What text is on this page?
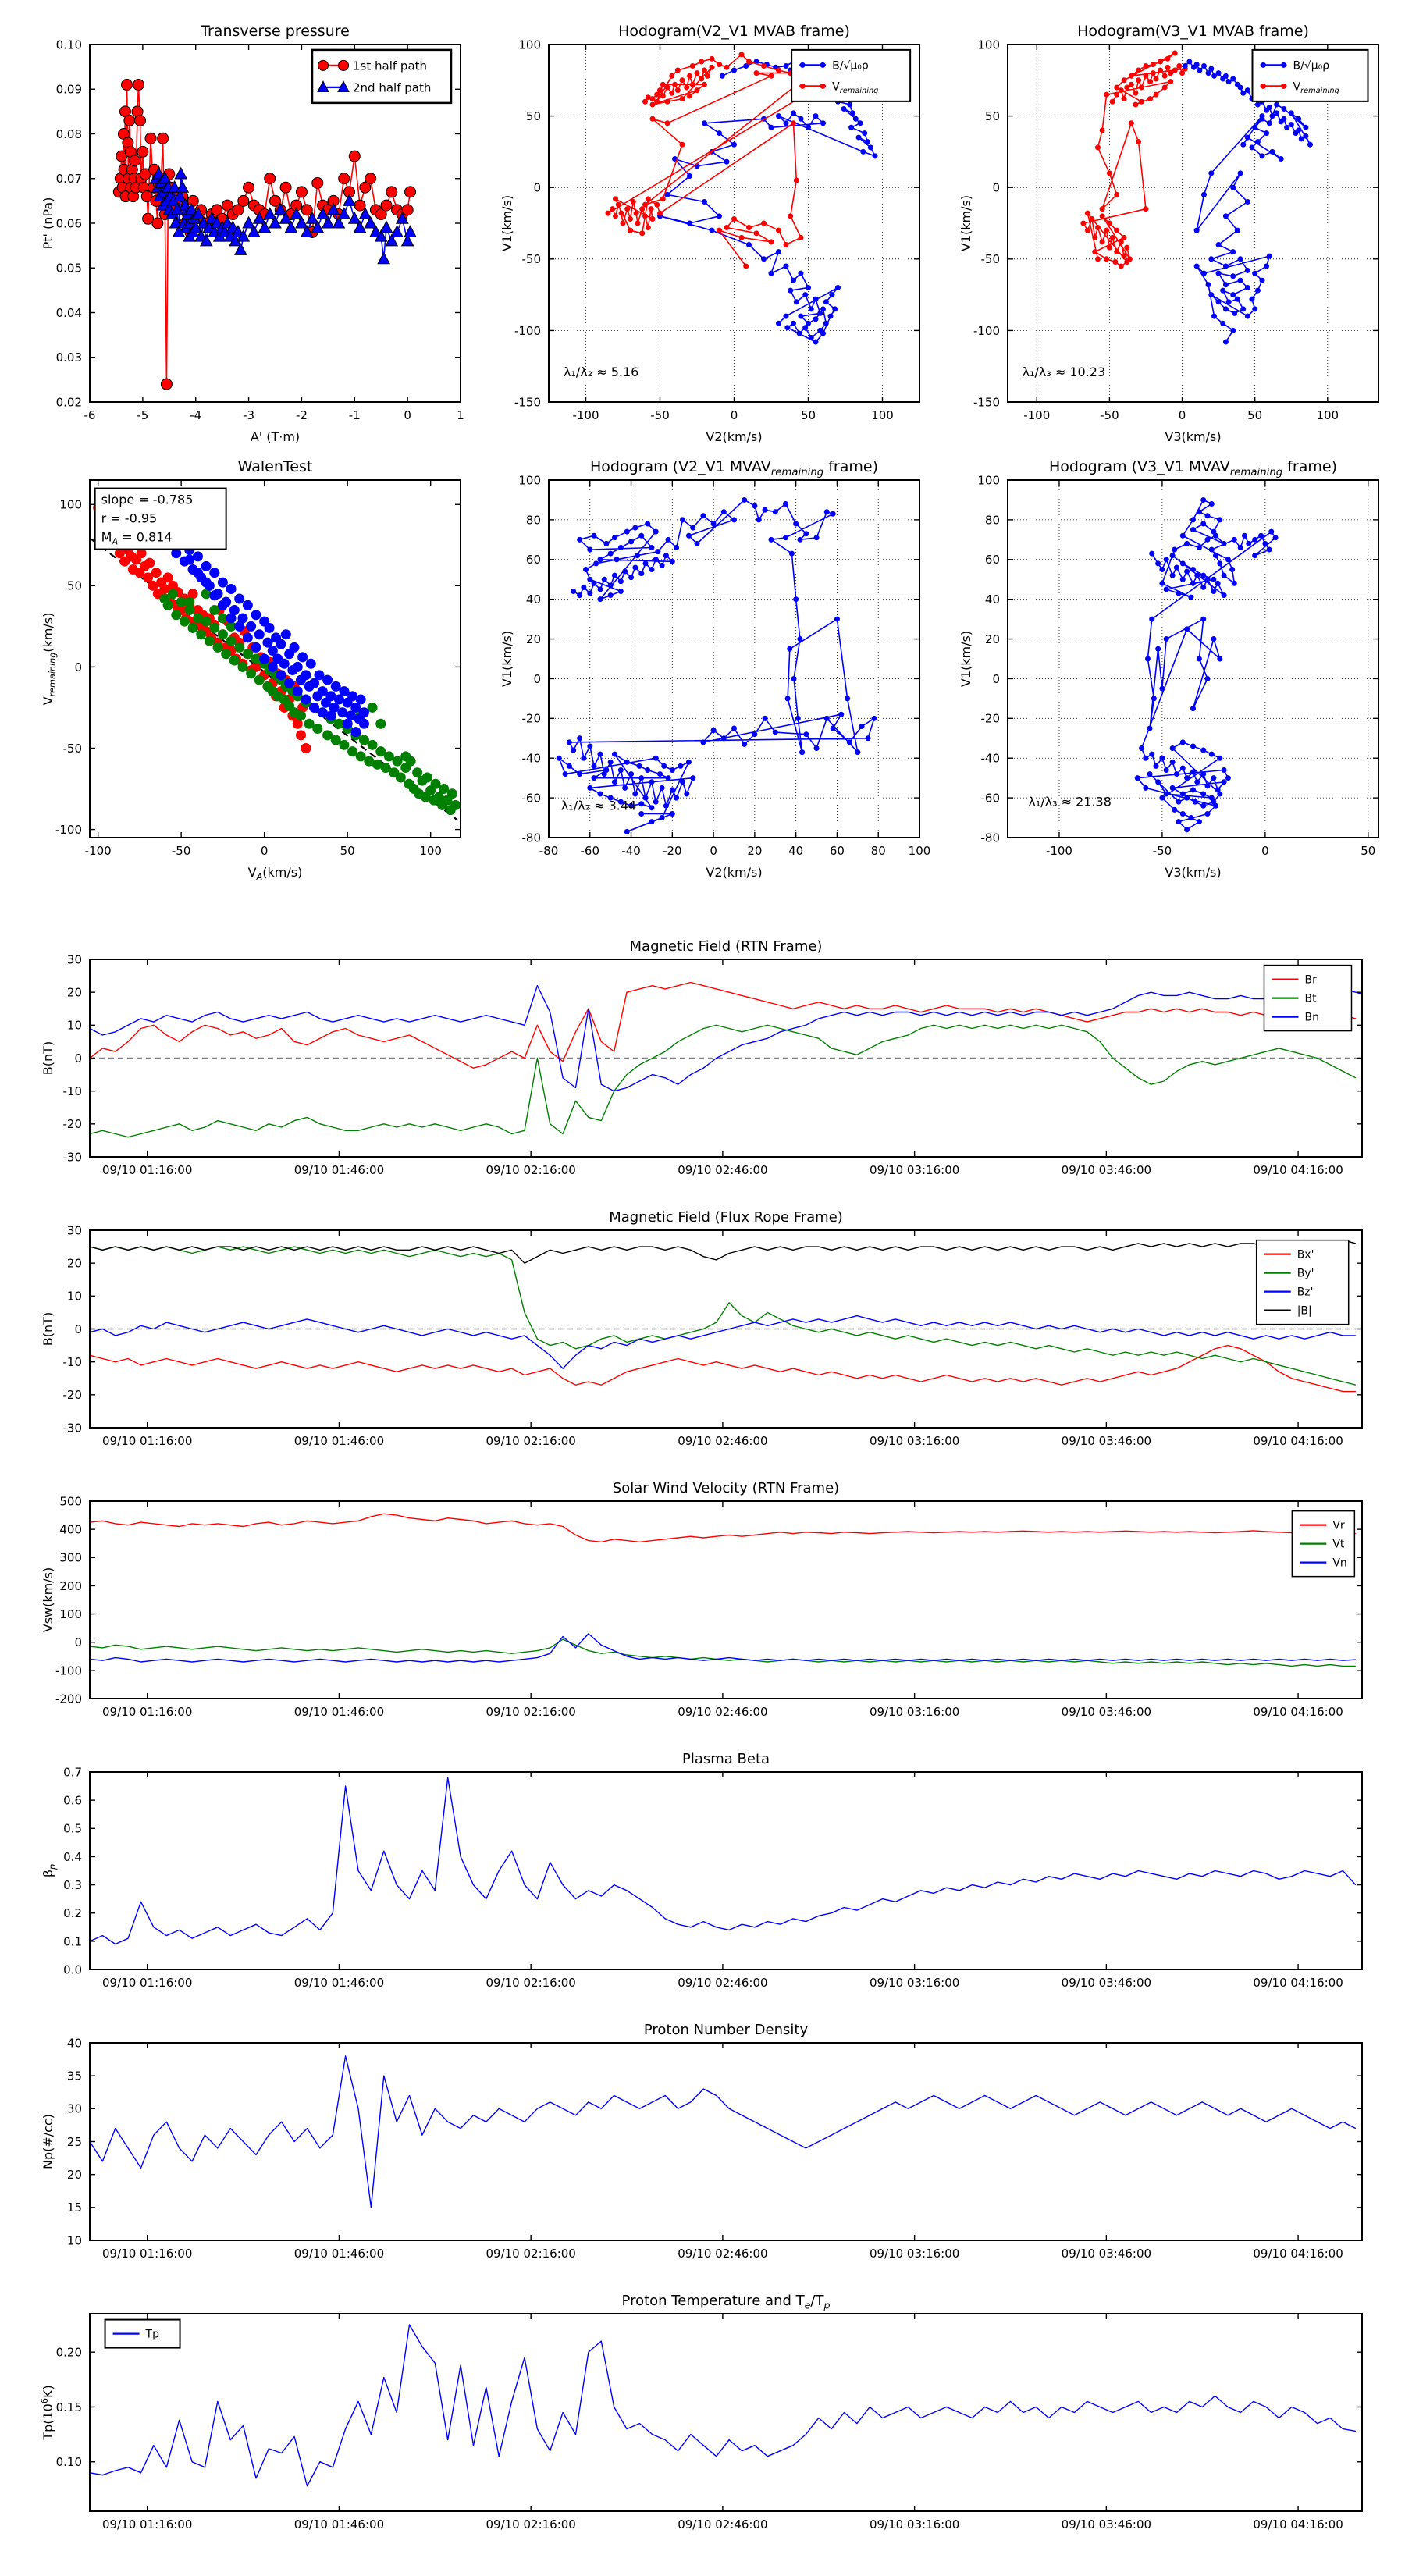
-6	-5	-4	-3	-2	-1	0	1
0.02
0.03
0.04
0.05
0.06
0.07
0.08
0.09
0.10
A' (T·m)
Pt' (nPa)
Transverse pressure
1st half path
2nd half path
-100	-50	0	50	100
-150
-100
-50
0
50
100
V2(km/s)
V1(km/s)
Hodogram(V2_V1 MVAB frame)
B/√μ₀ρ
$V_{remaining}$
λ₁/λ₂ ≈ 5.16
-100	-50	0	50	100
-150
-100
-50
0
50
100
V3(km/s)
V1(km/s)
Hodogram(V3_V1 MVAB frame)
B/√μ₀ρ
$V_{remaining}$
λ₁/λ₃ ≈ 10.23
-100	-50	0	50	100
-100
-50
0
50
100
$V_A(km/s)$
$V_{remaining}(km/s)$
WalenTest
slope = -0.785
r = -0.95
$M_A = 0.814$
-80 -60 -40 -20 0	20 40 60 80 100
-80
-60
-40
-20
0
20
40
60
80
100
V2(km/s)
V1(km/s)
Hodogram (V2_V1 $MVAV_{remaining}$ frame)
λ₁/λ₂ ≈ 3.44
-100	-50	0	50
-80
-60
-40
-20
0
20
40
60
80
100
V3(km/s)
V1(km/s)
Hodogram (V3_V1 $MVAV_{remaining}$ frame)
λ₁/λ₃ ≈ 21.38
09/10 01:16:00	09/10 01:46:00	09/10 02:16:00	09/10 02:46:00	09/10 03:16:00	09/10 03:46:00	09/10 04:16:00
-30
-20
-10
0
10
20
30
B(nT)
Magnetic Field (RTN Frame)
Br
Bt
Bn
09/10 01:16:00	09/10 01:46:00	09/10 02:16:00	09/10 02:46:00	09/10 03:16:00	09/10 03:46:00	09/10 04:16:00
-30
-20
-10
0
10
20
30
B(nT)
Magnetic Field (Flux Rope Frame)
Bx'
By'
Bz'
|B|
09/10 01:16:00	09/10 01:46:00	09/10 02:16:00	09/10 02:46:00	09/10 03:16:00	09/10 03:46:00	09/10 04:16:00
-200
-100
0
100
200
300
400
500
Vsw(km/s)
Solar Wind Velocity (RTN Frame)
Vr
Vt
Vn
09/10 01:16:00	09/10 01:46:00	09/10 02:16:00	09/10 02:46:00	09/10 03:16:00	09/10 03:46:00	09/10 04:16:00
0.0
0.1
0.2
0.3
0.4
0.5
0.6
0.7
$\beta_p$
Plasma Beta
09/10 01:16:00	09/10 01:46:00	09/10 02:16:00	09/10 02:46:00	09/10 03:16:00	09/10 03:46:00	09/10 04:16:00
10
15
20
25
30
35
40
Np(#/cc)
Proton Number Density
09/10 01:16:00	09/10 01:46:00	09/10 02:16:00	09/10 02:46:00	09/10 03:16:00	09/10 03:46:00	09/10 04:16:00
0.10
0.15
0.20
$Tp(10^6K)$
Proton Temperature and $T_e/T_p$
Tp
